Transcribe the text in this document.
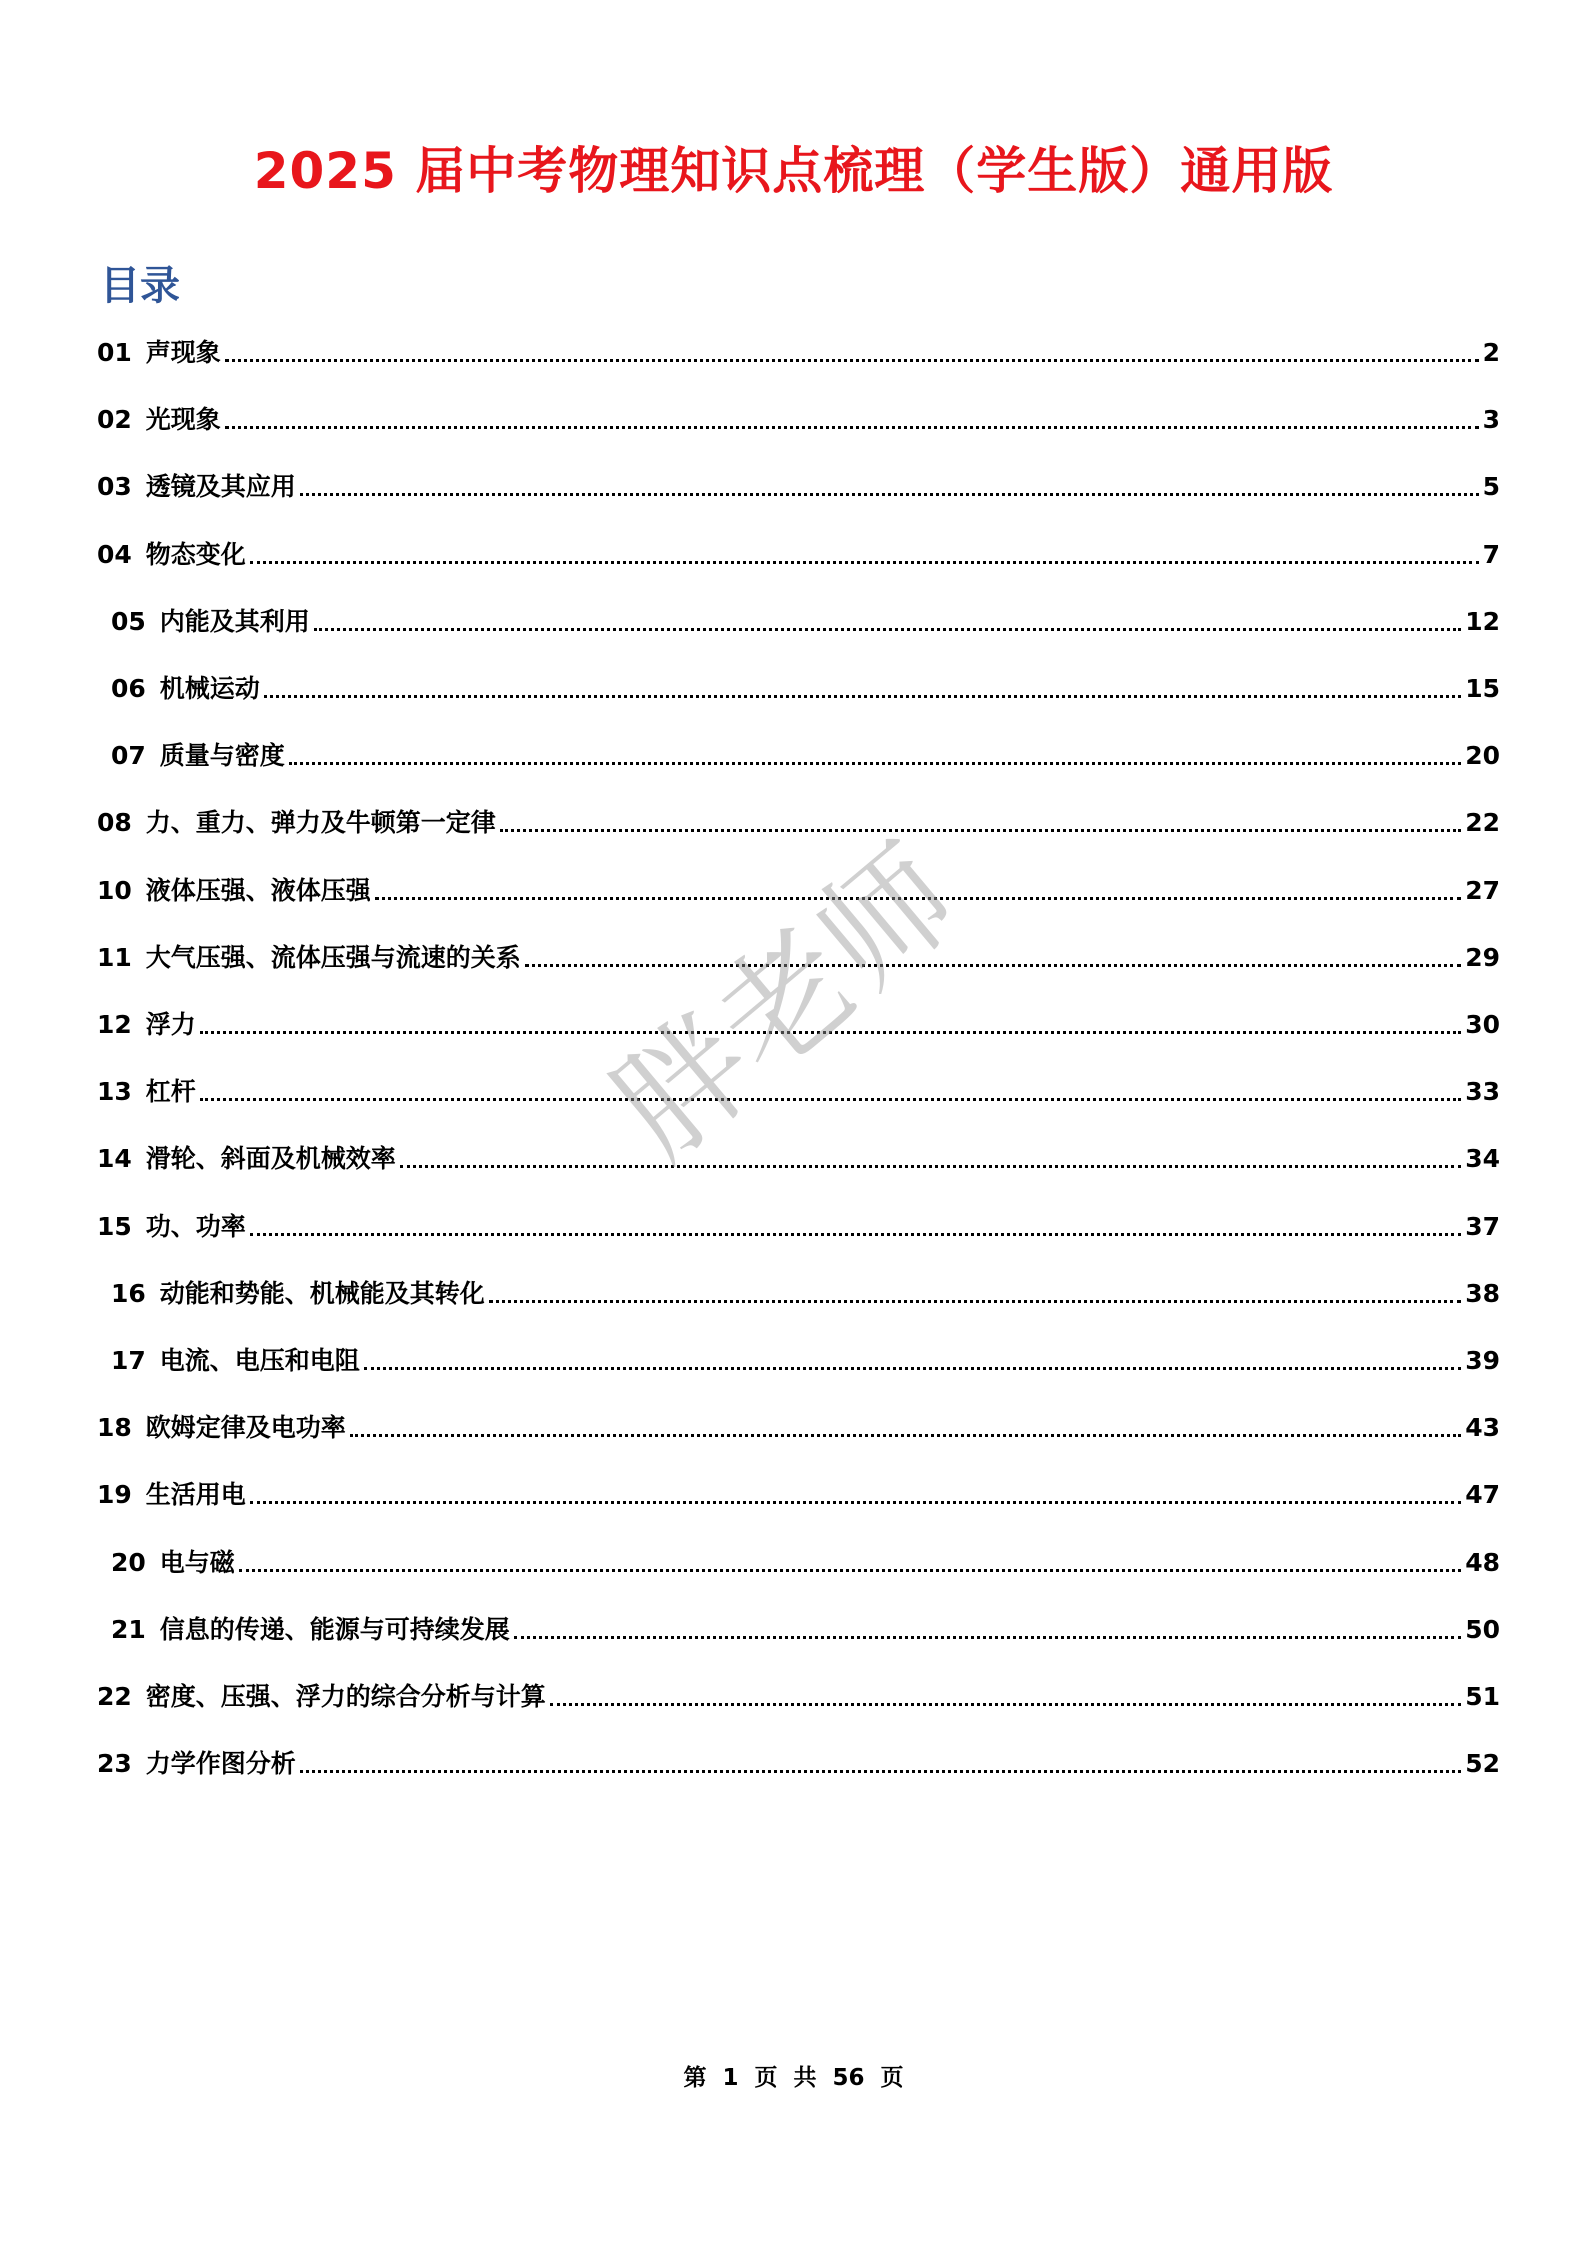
2025 届中考物理知识点梳理（学生版）通用版
目录
01 声现象	2
02 光现象	3
03 透镜及其应用	5
04 物态变化	7
05 内能及其利用	12
06 机械运动	15
07 质量与密度	20
08 力、重力、弹力及牛顿第一定律	22
10 液体压强、液体压强	27
11 大气压强、流体压强与流速的关系	29
12 浮力	30
13 杠杆	33
14 滑轮、斜面及机械效率	34
15 功、功率	37
16 动能和势能、机械能及其转化	38
17 电流、电压和电阻	39
18 欧姆定律及电功率	43
19 生活用电	47
20 电与磁	48
21 信息的传递、能源与可持续发展	50
22 密度、压强、浮力的综合分析与计算	51
23 力学作图分析	52
胖老师
第  1  页  共  56  页
